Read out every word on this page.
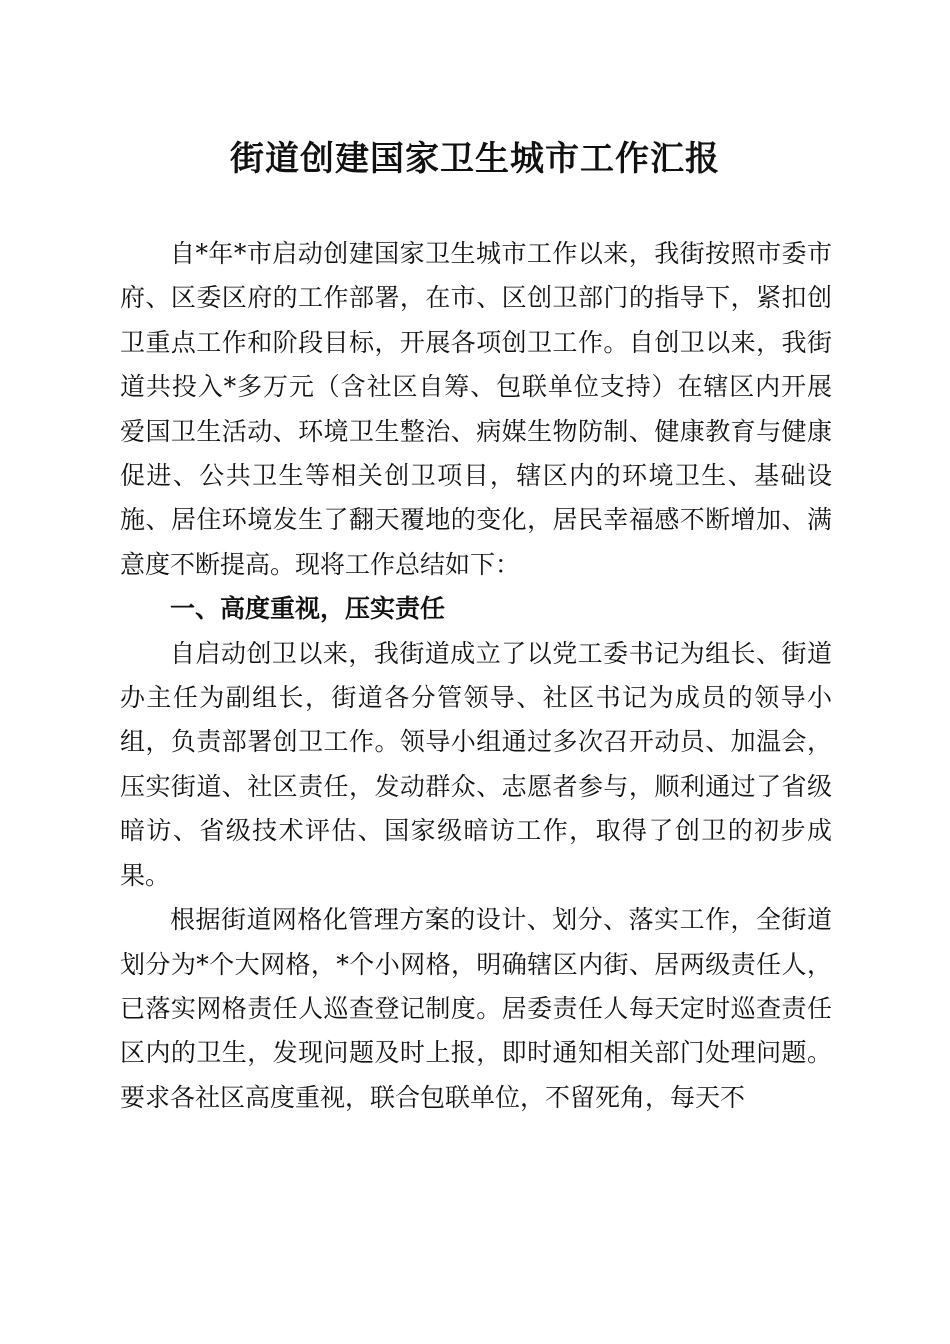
街道创建国家卫生城市工作汇报

自*年*市启动创建国家卫生城市工作以来，我街按照市委市府、区委区府的工作部署，在市、区创卫部门的指导下，紧扣创卫重点工作和阶段目标，开展各项创卫工作。自创卫以来，我街道共投入*多万元（含社区自筹、包联单位支持）在辖区内开展爱国卫生活动、环境卫生整治、病媒生物防制、健康教育与健康促进、公共卫生等相关创卫项目，辖区内的环境卫生、基础设施、居住环境发生了翻天覆地的变化，居民幸福感不断增加、满意度不断提高。现将工作总结如下：

一、高度重视，压实责任

自启动创卫以来，我街道成立了以党工委书记为组长、街道办主任为副组长，街道各分管领导、社区书记为成员的领导小组，负责部署创卫工作。领导小组通过多次召开动员、加温会，压实街道、社区责任，发动群众、志愿者参与，顺利通过了省级暗访、省级技术评估、国家级暗访工作，取得了创卫的初步成果。

根据街道网格化管理方案的设计、划分、落实工作，全街道划分为*个大网格，*个小网格，明确辖区内街、居两级责任人，已落实网格责任人巡查登记制度。居委责任人每天定时巡查责任区内的卫生，发现问题及时上报，即时通知相关部门处理问题。要求各社区高度重视，联合包联单位，不留死角，每天不
